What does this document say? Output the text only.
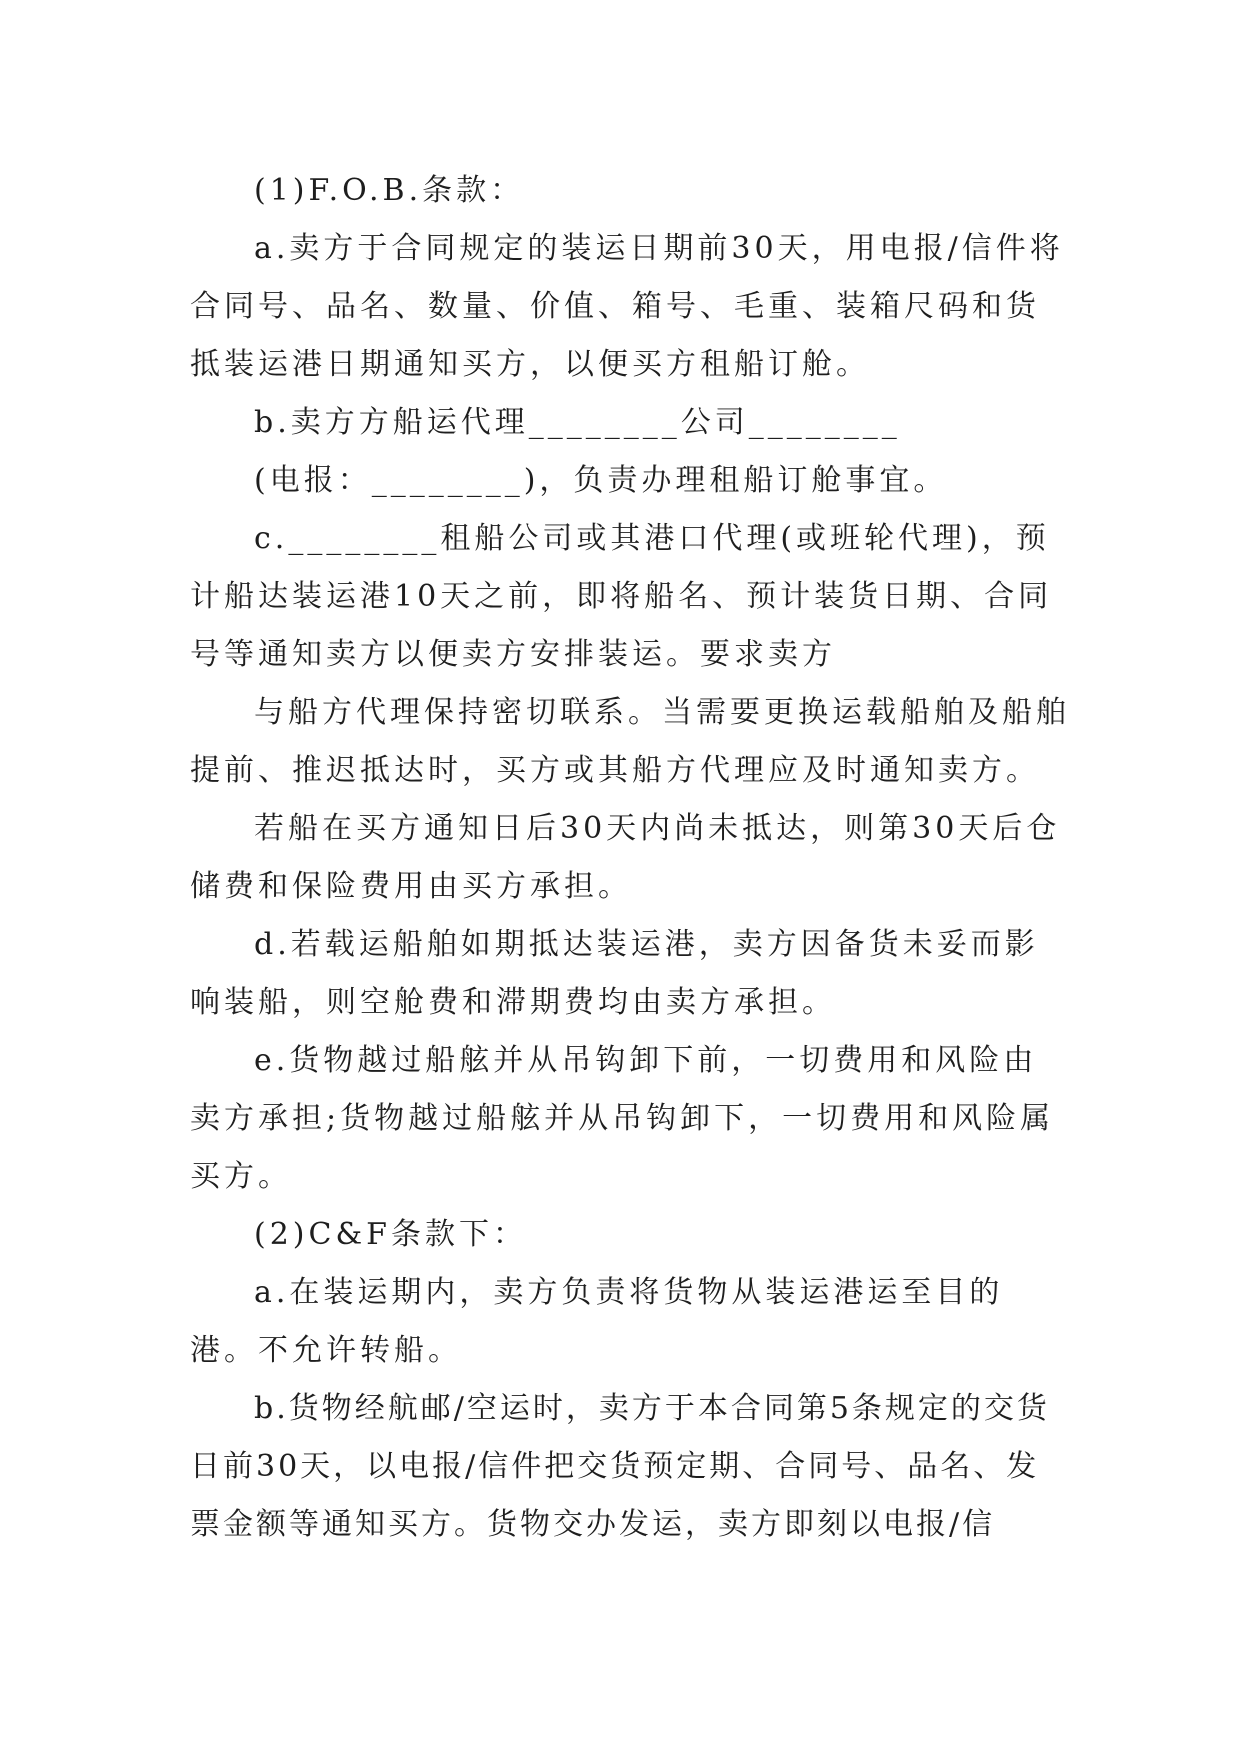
(1)F.O.B.条款：

a.卖方于合同规定的装运日期前30天，用电报/信件将合同号、品名、数量、价值、箱号、毛重、装箱尺码和货抵装运港日期通知买方，以便买方租船订舱。

b.卖方方船运代理________公司________

(电报：________)，负责办理租船订舱事宜。

c.________租船公司或其港口代理(或班轮代理)，预计船达装运港10天之前，即将船名、预计装货日期、合同号等通知卖方以便卖方安排装运。要求卖方

与船方代理保持密切联系。当需要更换运载船舶及船舶提前、推迟抵达时，买方或其船方代理应及时通知卖方。

若船在买方通知日后30天内尚未抵达，则第30天后仓储费和保险费用由买方承担。

d.若载运船舶如期抵达装运港，卖方因备货未妥而影响装船，则空舱费和滞期费均由卖方承担。

e.货物越过船舷并从吊钩卸下前，一切费用和风险由卖方承担;货物越过船舷并从吊钩卸下，一切费用和风险属买方。

(2)C&F条款下：

a.在装运期内，卖方负责将货物从装运港运至目的港。不允许转船。

b.货物经航邮/空运时，卖方于本合同第5条规定的交货日前30天，以电报/信件把交货预定期、合同号、品名、发票金额等通知买方。货物交办发运，卖方即刻以电报/信
